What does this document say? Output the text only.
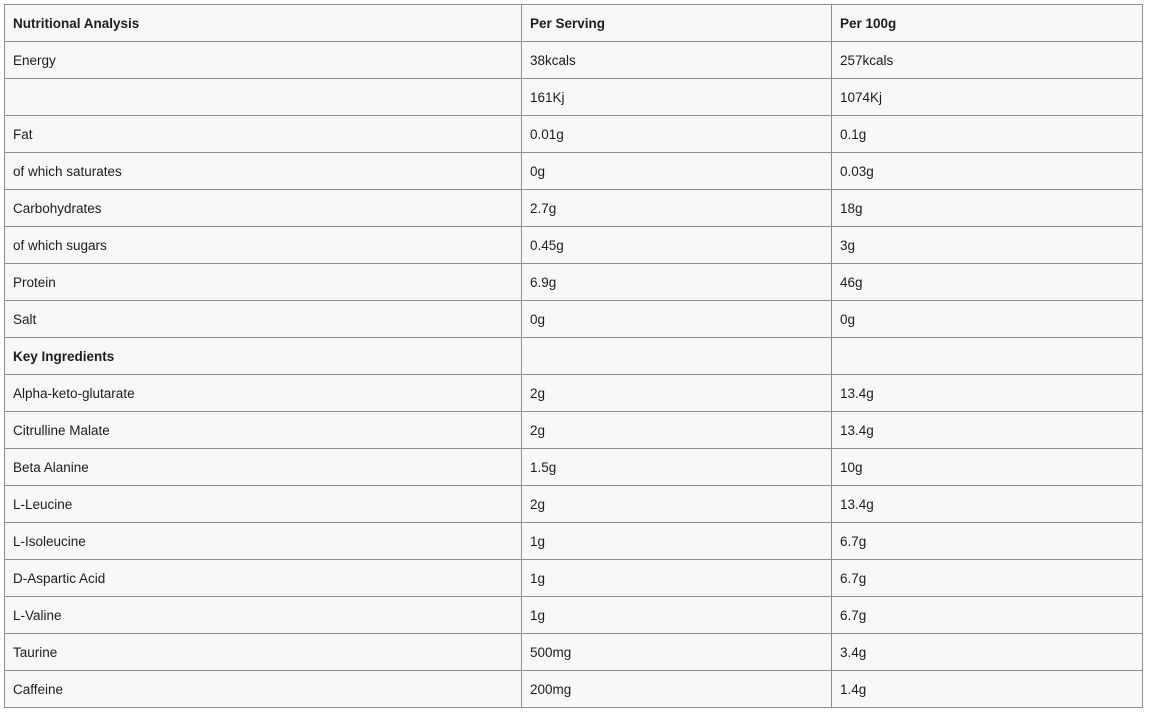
Nutritional Analysis	Per Serving	Per 100g
Energy	38kcals	257kcals
	161Kj	1074Kj
Fat	0.01g	0.1g
of which saturates	0g	0.03g
Carbohydrates	2.7g	18g
of which sugars	0.45g	3g
Protein	6.9g	46g
Salt	0g	0g
Key Ingredients		
Alpha-keto-glutarate	2g	13.4g
Citrulline Malate	2g	13.4g
Beta Alanine	1.5g	10g
L-Leucine	2g	13.4g
L-Isoleucine	1g	6.7g
D-Aspartic Acid	1g	6.7g
L-Valine	1g	6.7g
Taurine	500mg	3.4g
Caffeine	200mg	1.4g
